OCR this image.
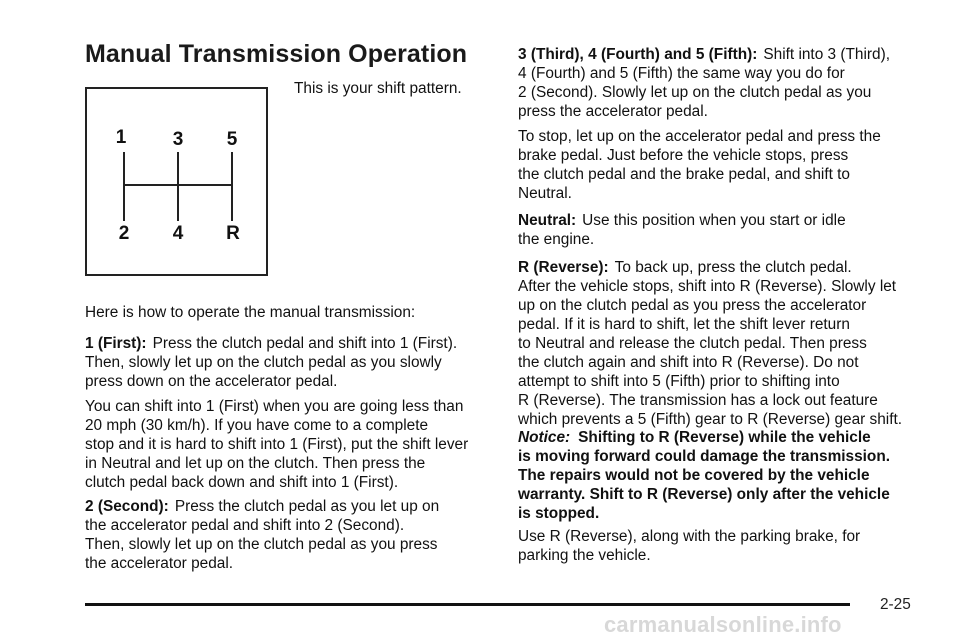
Manual Transmission Operation

This is your shift pattern.

1 3 5
2 4 R

Here is how to operate the manual transmission:

1 (First): Press the clutch pedal and shift into 1 (First).
Then, slowly let up on the clutch pedal as you slowly
press down on the accelerator pedal.

You can shift into 1 (First) when you are going less than
20 mph (30 km/h). If you have come to a complete
stop and it is hard to shift into 1 (First), put the shift lever
in Neutral and let up on the clutch. Then press the
clutch pedal back down and shift into 1 (First).

2 (Second): Press the clutch pedal as you let up on
the accelerator pedal and shift into 2 (Second).
Then, slowly let up on the clutch pedal as you press
the accelerator pedal.

3 (Third), 4 (Fourth) and 5 (Fifth): Shift into 3 (Third),
4 (Fourth) and 5 (Fifth) the same way you do for
2 (Second). Slowly let up on the clutch pedal as you
press the accelerator pedal.

To stop, let up on the accelerator pedal and press the
brake pedal. Just before the vehicle stops, press
the clutch pedal and the brake pedal, and shift to
Neutral.

Neutral: Use this position when you start or idle
the engine.

R (Reverse): To back up, press the clutch pedal.
After the vehicle stops, shift into R (Reverse). Slowly let
up on the clutch pedal as you press the accelerator
pedal. If it is hard to shift, let the shift lever return
to Neutral and release the clutch pedal. Then press
the clutch again and shift into R (Reverse). Do not
attempt to shift into 5 (Fifth) prior to shifting into
R (Reverse). The transmission has a lock out feature
which prevents a 5 (Fifth) gear to R (Reverse) gear shift.

Notice: Shifting to R (Reverse) while the vehicle
is moving forward could damage the transmission.
The repairs would not be covered by the vehicle
warranty. Shift to R (Reverse) only after the vehicle
is stopped.

Use R (Reverse), along with the parking brake, for
parking the vehicle.

2-25
carmanualsonline.info
